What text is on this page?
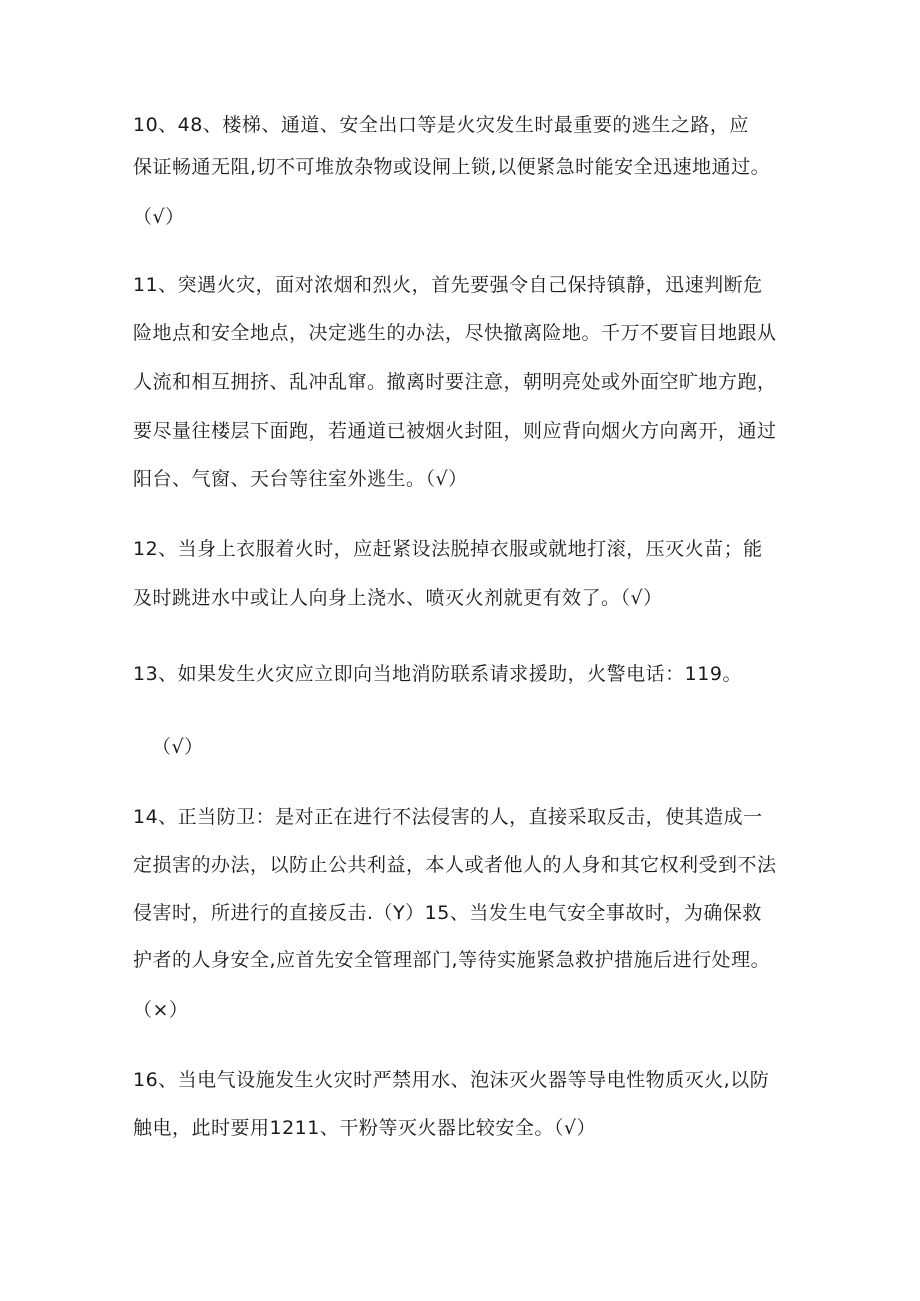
10、48、楼梯、通道、安全出口等是火灾发生时最重要的逃生之路，应
保证畅通无阻,切不可堆放杂物或设闸上锁,以便紧急时能安全迅速地通过。
（√）
11、突遇火灾，面对浓烟和烈火，首先要强令自己保持镇静，迅速判断危
险地点和安全地点，决定逃生的办法，尽快撤离险地。千万不要盲目地跟从
人流和相互拥挤、乱冲乱窜。撤离时要注意，朝明亮处或外面空旷地方跑，
要尽量往楼层下面跑，若通道已被烟火封阻，则应背向烟火方向离开，通过
阳台、气窗、天台等往室外逃生。（√）
12、当身上衣服着火时，应赶紧设法脱掉衣服或就地打滚，压灭火苗；能
及时跳进水中或让人向身上浇水、喷灭火剂就更有效了。（√）
13、如果发生火灾应立即向当地消防联系请求援助，火警电话：119。
（√）
14、正当防卫：是对正在进行不法侵害的人，直接采取反击，使其造成一
定损害的办法，以防止公共利益，本人或者他人的人身和其它权利受到不法
侵害时，所进行的直接反击.（Y）15、当发生电气安全事故时，为确保救
护者的人身安全,应首先安全管理部门,等待实施紧急救护措施后进行处理。
（×）
16、当电气设施发生火灾时严禁用水、泡沫灭火器等导电性物质灭火,以防
触电，此时要用1211、干粉等灭火器比较安全。（√）
